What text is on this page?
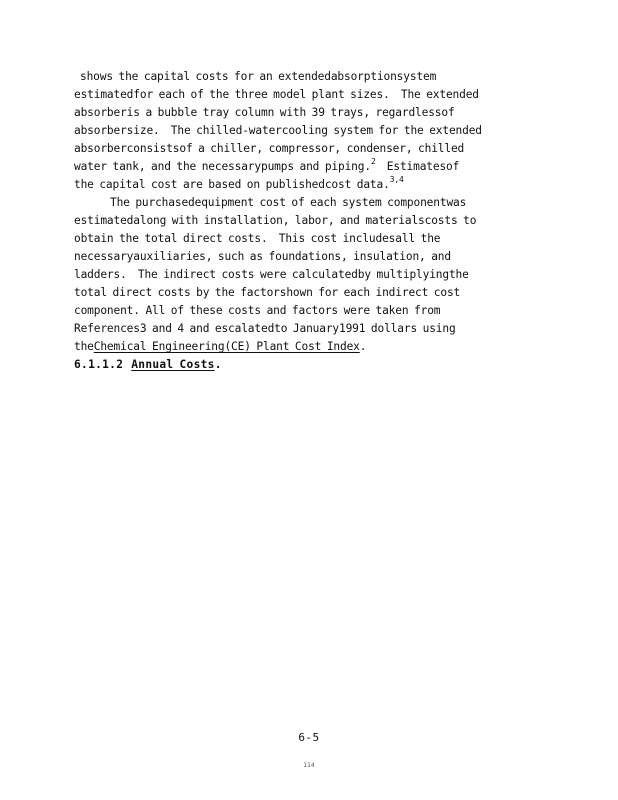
shows the capital costs for an extendedabsorptionsystem
estimatedfor each of the three model plant sizes.  The extended
absorberis a bubble tray column with 39 trays, regardlessof
absorbersize.  The chilled-watercooling system for the extended
absorberconsistsof a chiller, compressor, condenser, chilled
water tank, and the necessarypumps and piping.$^2$  Estimatesof
the capital cost are based on publishedcost data.$^{3,4}$
The purchasedequipment cost of each system componentwas
estimatedalong with installation, labor, and materialscosts to
obtain the total direct costs.  This cost includesall the
necessaryauxiliaries, such as foundations, insulation, and
ladders.  The indirect costs were calculatedby multiplyingthe
total direct costs by the factorshown for each indirect cost
component. All of these costs and factors were taken from
References3 and 4 and escalatedto January1991 dollars using
theChemical Engineering(CE) Plant Cost Index.
6.1.1.2 Annual Costs.
6-5
114
